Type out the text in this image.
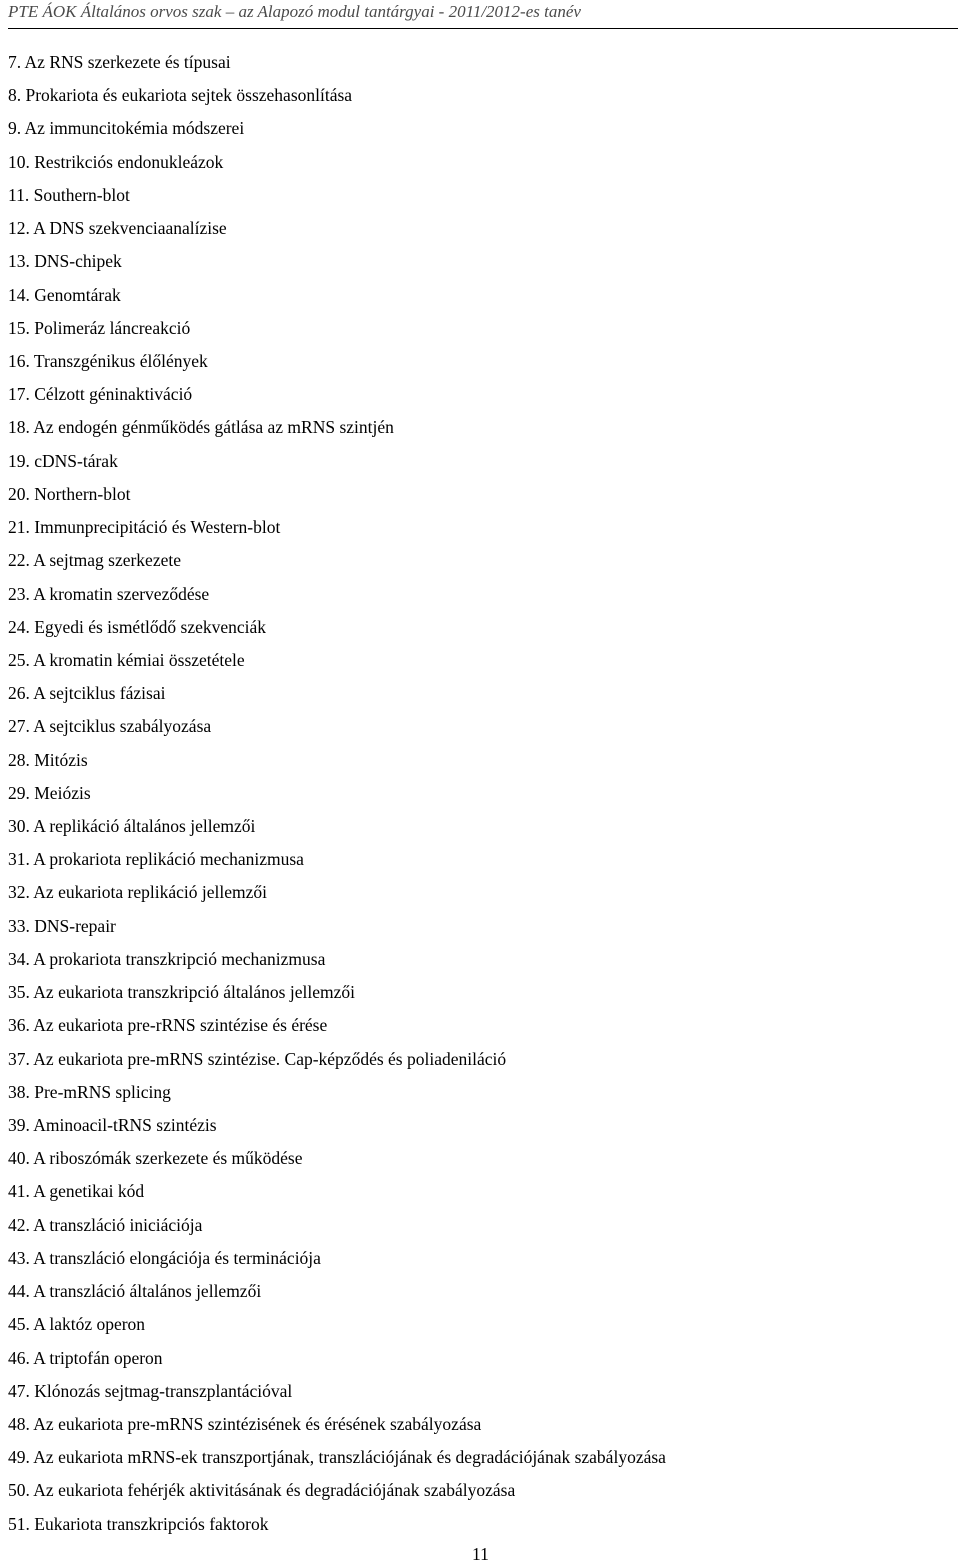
PTE ÁOK Általános orvos szak – az Alapozó modul tantárgyai - 2011/2012-es tanév
7. Az RNS szerkezete és típusai
8. Prokariota és eukariota sejtek összehasonlítása
9. Az immuncitokémia módszerei
10. Restrikciós endonukleázok
11. Southern-blot
12. A DNS szekvenciaanalízise
13. DNS-chipek
14. Genomtárak
15. Polimeráz láncreakció
16. Transzgénikus élőlények
17. Célzott géninaktiváció
18. Az endogén génműködés gátlása az mRNS szintjén
19. cDNS-tárak
20. Northern-blot
21. Immunprecipitáció és Western-blot
22. A sejtmag szerkezete
23. A kromatin szerveződése
24. Egyedi és ismétlődő szekvenciák
25. A kromatin kémiai összetétele
26. A sejtciklus fázisai
27. A sejtciklus szabályozása
28. Mitózis
29. Meiózis
30. A replikáció általános jellemzői
31. A prokariota replikáció mechanizmusa
32. Az eukariota replikáció jellemzői
33. DNS-repair
34. A prokariota transzkripció mechanizmusa
35. Az eukariota transzkripció általános jellemzői
36. Az eukariota pre-rRNS szintézise és érése
37. Az eukariota pre-mRNS szintézise. Cap-képződés és poliadeniláció
38. Pre-mRNS splicing
39. Aminoacil-tRNS szintézis
40. A riboszómák szerkezete és működése
41. A genetikai kód
42. A transzláció iniciációja
43. A transzláció elongációja és terminációja
44. A transzláció általános jellemzői
45. A laktóz operon
46. A triptofán operon
47. Klónozás sejtmag-transzplantációval
48. Az eukariota pre-mRNS szintézisének és érésének szabályozása
49. Az eukariota mRNS-ek transzportjának, transzlációjának és degradációjának szabályozása
50. Az eukariota fehérjék aktivitásának és degradációjának szabályozása
51. Eukariota transzkripciós faktorok
11
